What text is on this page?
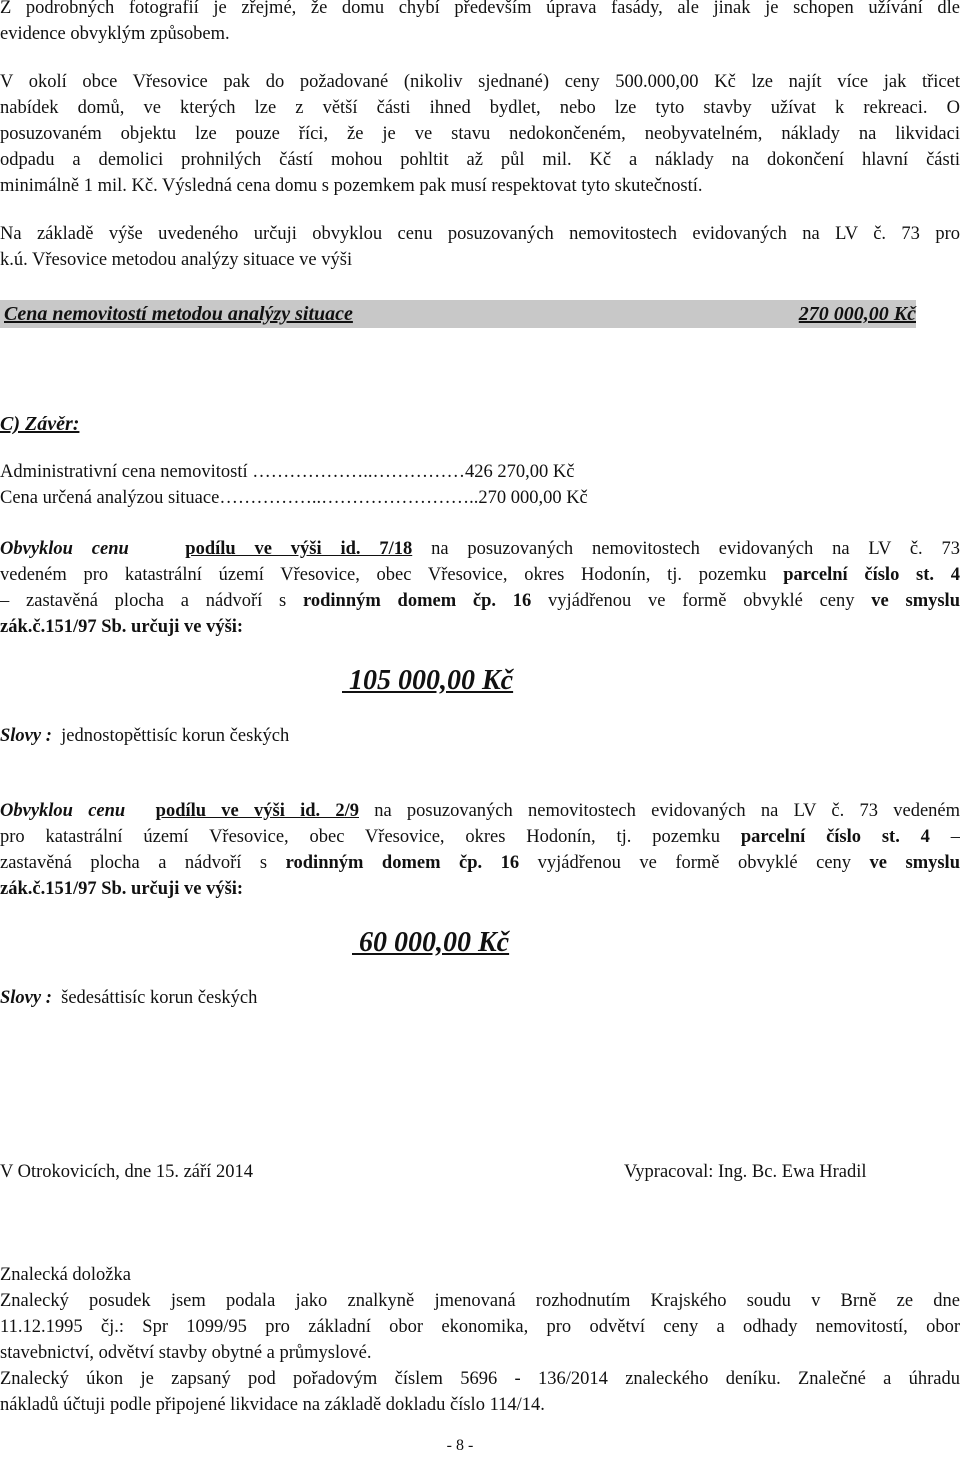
Z podrobných fotografií je zřejmé, že domu chybí především úprava fasády, ale jinak je schopen užívání dle

evidence obvyklým způsobem.

V okolí obce Vřesovice pak do požadované (nikoliv sjednané) ceny 500.000,00 Kč lze najít více jak třicet

nabídek domů, ve kterých lze z větší části ihned bydlet, nebo lze tyto stavby užívat k rekreaci. O

posuzovaném objektu lze pouze říci, že je ve stavu nedokončeném, neobyvatelném, náklady na likvidaci

odpadu a demolici prohnilých částí mohou pohltit až půl mil. Kč a náklady na dokončení hlavní části

minimálně 1 mil. Kč. Výsledná cena domu s pozemkem pak musí respektovat tyto skutečností.

Na základě výše uvedeného určuji obvyklou cenu posuzovaných nemovitostech evidovaných na LV č. 73 pro

k.ú. Vřesovice metodou analýzy situace ve výši

Cena nemovitostí metodou analýzy situace	270 000,00 Kč
C) Závěr:
Administrativní cena nemovitostí ………………..……………426 270,00 Kč
Cena určená analýzou situace……………..……………………..270 000,00 Kč

Obvyklou cenu	podílu ve výši id. 7/18 na posuzovaných nemovitostech evidovaných na LV č. 73

vedeném pro katastrální území Vřesovice, obec Vřesovice, okres Hodonín, tj. pozemku parcelní číslo st. 4

– zastavěná plocha a nádvoří s rodinným domem čp. 16 vyjádřenou ve formě obvyklé ceny ve smyslu

zák.č.151/97 Sb. určuji ve výši:

105 000,00 Kč
Slovy : jednostopěttisíc korun českých

Obvyklou cenu podílu ve výši id. 2/9 na posuzovaných nemovitostech evidovaných na LV č. 73 vedeném

pro katastrální území Vřesovice, obec Vřesovice, okres Hodonín, tj. pozemku parcelní číslo st. 4 –

zastavěná plocha a nádvoří s rodinným domem čp. 16 vyjádřenou ve formě obvyklé ceny ve smyslu

zák.č.151/97 Sb. určuji ve výši:

60 000,00 Kč
Slovy : šedesáttisíc korun českých
V Otrokovicích, dne 15. září 2014	Vypracoval: Ing. Bc. Ewa Hradil

Znalecká doložka

Znalecký posudek jsem podala jako znalkyně jmenovaná rozhodnutím Krajského soudu v Brně ze dne

11.12.1995 čj.: Spr 1099/95 pro základní obor ekonomika, pro odvětví ceny a odhady nemovitostí, obor

stavebnictví, odvětví stavby obytné a průmyslové.

Znalecký úkon je zapsaný pod pořadovým číslem 5696 - 136/2014 znaleckého deníku. Znalečné a úhradu

nákladů účtuji podle připojené likvidace na základě dokladu číslo 114/14.

- 8 -
